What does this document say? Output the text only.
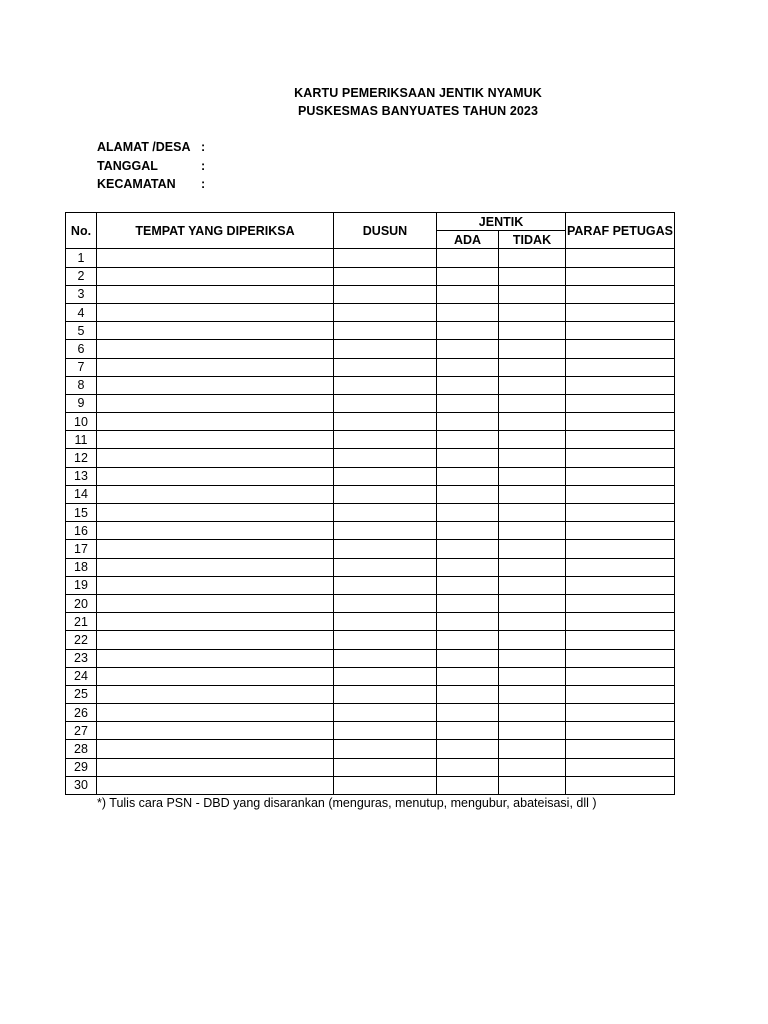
KARTU PEMERIKSAAN JENTIK NYAMUK
PUSKESMAS BANYUATES TAHUN 2023
ALAMAT /DESA :
TANGGAL	:
KECAMATAN :
No.	TEMPAT YANG DIPERIKSA	DUSUN	JENTIK		PARAF PETUGAS
			ADA	TIDAK	
1					
2					
3					
4					
5					
6					
7					
8					
9					
10					
11					
12					
13					
14					
15					
16					
17					
18					
19					
20					
21					
22					
23					
24					
25					
26					
27					
28					
29					
30					
*) Tulis cara PSN - DBD yang disarankan (menguras, menutup, mengubur, abateisasi, dll )
